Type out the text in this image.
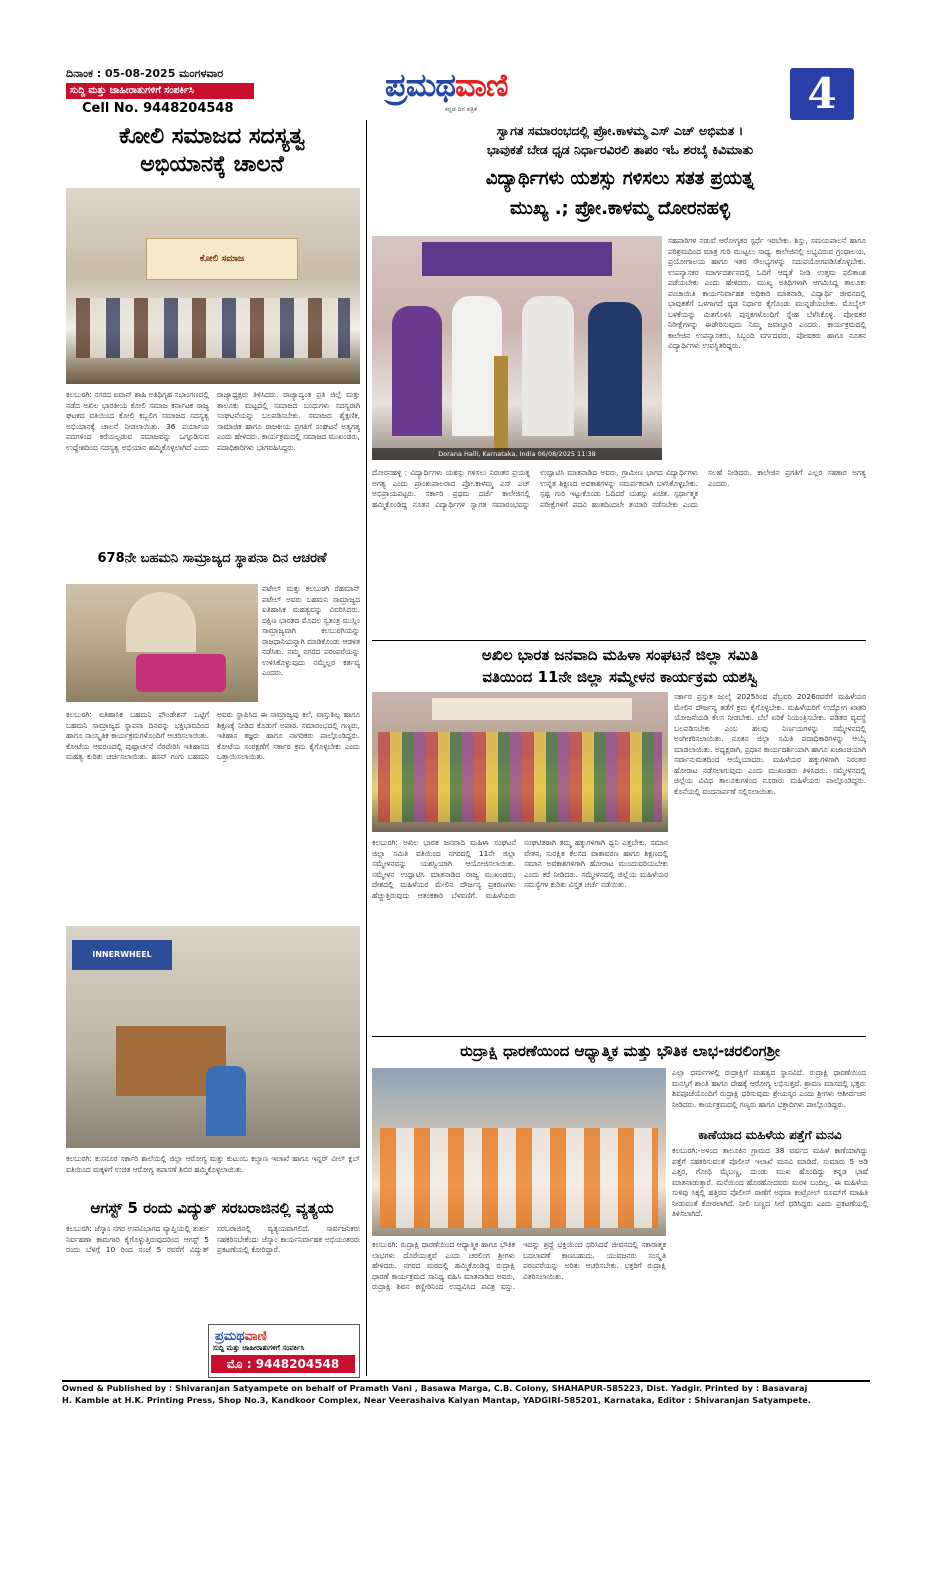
ದಿನಾಂಕ : 05-08-2025 ಮಂಗಳವಾರ
ಸುದ್ದಿ ಮತ್ತು ಜಾಹೀರಾತುಗಳಿಗೆ ಸಂಪರ್ಕಿಸಿ
Cell No. 9448204548
ಪ್ರಮಥವಾಣಿ
ಕನ್ನಡ ದಿನ ಪತ್ರಿಕೆ	4
ಕೋಲಿ ಸಮಾಜದ ಸದಸ್ಯತ್ವ
ಅಭಿಯಾನಕ್ಕೆ ಚಾಲನೆ
ಕೋಲಿ ಸಮಾಜ
ಕಲಬುರಗಿ: ನಗರದ ಐವಾನ್ ಶಾಹಿ ಅತಿಥಿಗೃಹ ಸಭಾಂಗಣದಲ್ಲಿ ನಡೆದ ಅಖಿಲ ಭಾರತೀಯ ಕೋಲಿ ಸಮಾಜ ಕರ್ನಾಟಕ ರಾಜ್ಯ ಘಟಕದ ವತಿಯಿಂದ ಕೋಲಿ ಕಬ್ಬಲಿಗ ಸಮಾಜದ ಸದಸ್ಯತ್ವ ಅಭಿಯಾನಕ್ಕೆ ಚಾಲನೆ ನೀಡಲಾಯಿತು. 36 ಪರ್ಯಾಯ ಪದಗಳಿಂದ ಕರೆಯಲ್ಪಡುವ ಸಮಾಜವನ್ನು ಒಗ್ಗೂಡಿಸುವ ಉದ್ದೇಶದಿಂದ ಸದಸ್ಯತ್ವ ಅಭಿಯಾನ ಹಮ್ಮಿಕೊಳ್ಳಲಾಗಿದೆ ಎಂದು ರಾಜ್ಯಾಧ್ಯಕ್ಷರು ತಿಳಿಸಿದರು. ರಾಜ್ಯಾದ್ಯಂತ ಪ್ರತಿ ಜಿಲ್ಲೆ ಮತ್ತು ತಾಲೂಕು ಮಟ್ಟದಲ್ಲಿ ಸಮಾಜದ ಬಂಧುಗಳು ಸದಸ್ಯರಾಗಿ ಸಂಘಟನೆಯನ್ನು ಬಲಪಡಿಸಬೇಕು. ಸಮಾಜದ ಶೈಕ್ಷಣಿಕ, ಸಾಮಾಜಿಕ ಹಾಗೂ ರಾಜಕೀಯ ಪ್ರಗತಿಗೆ ಸಂಘಟನೆ ಅತ್ಯಗತ್ಯ ಎಂದು ಹೇಳಿದರು. ಕಾರ್ಯಕ್ರಮದಲ್ಲಿ ಸಮಾಜದ ಮುಖಂಡರು, ಪದಾಧಿಕಾರಿಗಳು ಭಾಗವಹಿಸಿದ್ದರು.
678ನೇ ಬಹಮನಿ ಸಾಮ್ರಾಜ್ಯದ ಸ್ಥಾಪನಾ ದಿನ ಆಚರಣೆ
ಪಟೇಲ್ ಮತ್ತು ಕಲಬುರಗಿ ರೆಹಮಾನ್ ಪಟೇಲ್ ಅವರು ಬಹಮನಿ ಸಾಮ್ರಾಜ್ಯದ ಐತಿಹಾಸಿಕ ಮಹತ್ವವನ್ನು ವಿವರಿಸಿದರು. ದಕ್ಷಿಣ ಭಾರತದ ಮೊದಲ ಸ್ವತಂತ್ರ ಮುಸ್ಲಿಂ ಸಾಮ್ರಾಜ್ಯವಾಗಿ ಕಲಬುರಗಿಯನ್ನು ರಾಜಧಾನಿಯನ್ನಾಗಿ ಮಾಡಿಕೊಂಡು ಆಡಳಿತ ನಡೆಸಿತು. ನಮ್ಮ ನಗರದ ಪರಂಪರೆಯನ್ನು ಉಳಿಸಿಕೊಳ್ಳುವುದು ನಮ್ಮೆಲ್ಲರ ಕರ್ತವ್ಯ ಎಂದರು.
ಕಲಬುರಗಿ: ಐತಿಹಾಸಿಕ ಬಹಮನಿ ಫೌಂಡೇಶನ್ ಒಟ್ಟಿಗೆ ಬಹಮನಿ ಸಾಮ್ರಾಜ್ಯದ ಸ್ಥಾಪನಾ ದಿನವನ್ನು ಭಕ್ತಿಭಾವದಿಂದ ಹಾಗೂ ಸಾಂಸ್ಕೃತಿಕ ಕಾರ್ಯಕ್ರಮಗಳೊಂದಿಗೆ ಆಚರಿಸಲಾಯಿತು. ಕೋಟೆಯ ಆವರಣದಲ್ಲಿ ಪುಷ್ಪಾರ್ಚನೆ ನೆರವೇರಿಸಿ ಇತಿಹಾಸದ ಮಹತ್ವ ಕುರಿತು ಚರ್ಚಿಸಲಾಯಿತು. ಹಸನ್ ಗಂಗು ಬಹಮನಿ ಅವರು ಸ್ಥಾಪಿಸಿದ ಈ ಸಾಮ್ರಾಜ್ಯವು ಕಲೆ, ವಾಸ್ತುಶಿಲ್ಪ ಹಾಗೂ ಶಿಕ್ಷಣಕ್ಕೆ ನೀಡಿದ ಕೊಡುಗೆ ಅಪಾರ. ಸಮಾರಂಭದಲ್ಲಿ ಗಣ್ಯರು, ಇತಿಹಾಸ ತಜ್ಞರು ಹಾಗೂ ನಾಗರಿಕರು ಪಾಲ್ಗೊಂಡಿದ್ದರು. ಕೋಟೆಯ ಸಂರಕ್ಷಣೆಗೆ ಸರ್ಕಾರ ಕ್ರಮ ಕೈಗೊಳ್ಳಬೇಕು ಎಂದು ಒತ್ತಾಯಿಸಲಾಯಿತು.
INNERWHEEL
ಕಲಬುರಗಿ: ಕುಸನೂರ ಸರ್ಕಾರಿ ಶಾಲೆಯಲ್ಲಿ ಜಿಲ್ಲಾ ಆರೋಗ್ಯ ಮತ್ತು ಕುಟುಂಬ ಕಲ್ಯಾಣ ಇಲಾಖೆ ಹಾಗೂ ಇನ್ನರ್ ವೀಲ್ ಕ್ಲಬ್ ವತಿಯಿಂದ ಮಕ್ಕಳಿಗೆ ಉಚಿತ ಆರೋಗ್ಯ ತಪಾಸಣೆ ಶಿಬಿರ ಹಮ್ಮಿಕೊಳ್ಳಲಾಯಿತು.
ಆಗಸ್ಟ್ 5 ರಂದು ವಿದ್ಯುತ್ ಸರಬರಾಜಿನಲ್ಲಿ ವ್ಯತ್ಯಯ
ಕಲಬುರಗಿ: ಜೆಸ್ಕಾಂ ನಗರ ಉಪವಿಭಾಗದ ವ್ಯಾಪ್ತಿಯಲ್ಲಿ ತುರ್ತು ನಿರ್ವಹಣಾ ಕಾಮಗಾರಿ ಕೈಗೊಳ್ಳುತ್ತಿರುವುದರಿಂದ ಆಗಸ್ಟ್ 5 ರಂದು ಬೆಳಿಗ್ಗೆ 10 ರಿಂದ ಸಂಜೆ 5 ರವರೆಗೆ ವಿದ್ಯುತ್ ಸರಬರಾಜಿನಲ್ಲಿ ವ್ಯತ್ಯಯವಾಗಲಿದೆ. ಸಾರ್ವಜನಿಕರು ಸಹಕರಿಸಬೇಕೆಂದು ಜೆಸ್ಕಾಂ ಕಾರ್ಯನಿರ್ವಾಹಕ ಅಭಿಯಂತರರು ಪ್ರಕಟಣೆಯಲ್ಲಿ ಕೋರಿದ್ದಾರೆ.
ಪ್ರಮಥವಾಣಿ
ಸುದ್ದಿ ಮತ್ತು ಜಾಹೀರಾತುಗಳಿಗೆ ಸಂಪರ್ಕಿಸಿ
ಮೊ : 9448204548
ಸ್ವಾಗತ ಸಮಾರಂಭದಲ್ಲಿ ಪ್ರೋ.ಕಾಳಮ್ಮ ಎಸ್ ಎಚ್ ಅಭಿಮತ ।
ಭಾವುಕತೆ ಬೇಡ ಧೃಡ ನಿರ್ಧಾರವಿರಲಿ ತಾಪಂ ಇಓ ಶರಬೈ ಕಿವಿಮಾತು
ವಿದ್ಯಾರ್ಥಿಗಳು ಯಶಸ್ಸು ಗಳಿಸಲು ಸತತ ಪ್ರಯತ್ನ
ಮುಖ್ಯ .; ಪ್ರೋ.ಕಾಳಮ್ಮ ದೋರನಹಳ್ಳಿ
Dorana Halli, Karnataka, India 06/08/2025 11:38
ಸಹಪಾಠಿಗಳ ನಡುವೆ ಆರೋಗ್ಯಕರ ಸ್ಪರ್ಧೆ ಇರಬೇಕು. ಶಿಸ್ತು, ಸಮಯಪಾಲನೆ ಹಾಗೂ ಪರಿಶ್ರಮದಿಂದ ಮಾತ್ರ ಗುರಿ ಮುಟ್ಟಲು ಸಾಧ್ಯ. ಕಾಲೇಜಿನಲ್ಲಿ ಲಭ್ಯವಿರುವ ಗ್ರಂಥಾಲಯ, ಪ್ರಯೋಗಾಲಯ ಹಾಗೂ ಇತರ ಸೌಲಭ್ಯಗಳನ್ನು ಸದುಪಯೋಗಪಡಿಸಿಕೊಳ್ಳಬೇಕು. ಉಪನ್ಯಾಸಕರ ಮಾರ್ಗದರ್ಶನದಲ್ಲಿ ಓದಿಗೆ ಆದ್ಯತೆ ನೀಡಿ ಉತ್ತಮ ಫಲಿತಾಂಶ ಪಡೆಯಬೇಕು ಎಂದು ಹೇಳಿದರು. ಮುಖ್ಯ ಅತಿಥಿಗಳಾಗಿ ಆಗಮಿಸಿದ್ದ ತಾಲೂಕು ಪಂಚಾಯಿತಿ ಕಾರ್ಯನಿರ್ವಾಹಕ ಅಧಿಕಾರಿ ಮಾತನಾಡಿ, ವಿದ್ಯಾರ್ಥಿ ಜೀವನದಲ್ಲಿ ಭಾವುಕತೆಗೆ ಒಳಗಾಗದೆ ಧೃಡ ನಿರ್ಧಾರ ಕೈಗೊಂಡು ಮುನ್ನಡೆಯಬೇಕು. ಮೊಬೈಲ್ ಬಳಕೆಯನ್ನು ಮಿತಗೊಳಿಸಿ ಪುಸ್ತಕಗಳೊಂದಿಗೆ ಸ್ನೇಹ ಬೆಳೆಸಿಕೊಳ್ಳಿ. ಪೋಷಕರ ನಿರೀಕ್ಷೆಗಳನ್ನು ಈಡೇರಿಸುವುದು ನಿಮ್ಮ ಜವಾಬ್ದಾರಿ ಎಂದರು. ಕಾರ್ಯಕ್ರಮದಲ್ಲಿ ಕಾಲೇಜಿನ ಉಪನ್ಯಾಸಕರು, ಸಿಬ್ಬಂದಿ ವರ್ಗದವರು, ಪೋಷಕರು ಹಾಗೂ ನೂತನ ವಿದ್ಯಾರ್ಥಿಗಳು ಉಪಸ್ಥಿತರಿದ್ದರು.
ದೋರನಹಳ್ಳಿ : ವಿದ್ಯಾರ್ಥಿಗಳು ಯಶಸ್ಸು ಗಳಿಸಲು ನಿರಂತರ ಪ್ರಯತ್ನ ಅಗತ್ಯ ಎಂದು ಪ್ರಾಂಶುಪಾಲರಾದ ಪ್ರೋ.ಕಾಳಮ್ಮ ಎಸ್ ಎಚ್ ಅಭಿಪ್ರಾಯಪಟ್ಟರು. ಸರ್ಕಾರಿ ಪ್ರಥಮ ದರ್ಜೆ ಕಾಲೇಜಿನಲ್ಲಿ ಹಮ್ಮಿಕೊಂಡಿದ್ದ ನೂತನ ವಿದ್ಯಾರ್ಥಿಗಳ ಸ್ವಾಗತ ಸಮಾರಂಭವನ್ನು ಉದ್ಘಾಟಿಸಿ ಮಾತನಾಡಿದ ಅವರು, ಗ್ರಾಮೀಣ ಭಾಗದ ವಿದ್ಯಾರ್ಥಿಗಳು ಉನ್ನತ ಶಿಕ್ಷಣದ ಅವಕಾಶಗಳನ್ನು ಸಮರ್ಪಕವಾಗಿ ಬಳಸಿಕೊಳ್ಳಬೇಕು. ಸ್ಪಷ್ಟ ಗುರಿ ಇಟ್ಟುಕೊಂಡು ಓದಿದರೆ ಯಶಸ್ಸು ಖಚಿತ. ಸ್ಪರ್ಧಾತ್ಮಕ ಪರೀಕ್ಷೆಗಳಿಗೆ ಪದವಿ ಹಂತದಿಂದಲೇ ತಯಾರಿ ನಡೆಸಬೇಕು ಎಂದು ಸಲಹೆ ನೀಡಿದರು. ಕಾಲೇಜಿನ ಪ್ರಗತಿಗೆ ಎಲ್ಲರ ಸಹಕಾರ ಅಗತ್ಯ ಎಂದರು.
ಅಖಿಲ ಭಾರತ ಜನವಾದಿ ಮಹಿಳಾ ಸಂಘಟನೆ ಜಿಲ್ಲಾ ಸಮಿತಿ
ವತಿಯಿಂದ 11ನೇ ಜಿಲ್ಲಾ ಸಮ್ಮೇಳನ ಕಾರ್ಯಕ್ರಮ ಯಶಸ್ವಿ
ಸರ್ಕಾರ ಪ್ರಸ್ತುತ ಜುಲೈ 2025ರಿಂದ ಫೆಬ್ರವರಿ 2026ರವರೆಗೆ ಮಹಿಳೆಯರ ಮೇಲಿನ ದೌರ್ಜನ್ಯ ತಡೆಗೆ ಕ್ರಮ ಕೈಗೊಳ್ಳಬೇಕು. ಮಹಿಳೆಯರಿಗೆ ಉದ್ಯೋಗ ಖಾತರಿ ಯೋಜನೆಯಡಿ ಕೆಲಸ ನೀಡಬೇಕು. ಬೆಲೆ ಏರಿಕೆ ನಿಯಂತ್ರಿಸಬೇಕು. ಪಡಿತರ ವ್ಯವಸ್ಥೆ ಬಲಪಡಿಸಬೇಕು ಎಂಬ ಹಲವು ನಿರ್ಣಯಗಳನ್ನು ಸಮ್ಮೇಳನದಲ್ಲಿ ಅಂಗೀಕರಿಸಲಾಯಿತು. ನೂತನ ಜಿಲ್ಲಾ ಸಮಿತಿ ಪದಾಧಿಕಾರಿಗಳನ್ನು ಆಯ್ಕೆ ಮಾಡಲಾಯಿತು. ಅಧ್ಯಕ್ಷರಾಗಿ, ಪ್ರಧಾನ ಕಾರ್ಯದರ್ಶಿಯಾಗಿ ಹಾಗೂ ಖಜಾಂಚಿಯಾಗಿ ಸರ್ವಾನುಮತದಿಂದ ಆಯ್ಕೆಯಾದರು. ಮಹಿಳೆಯರ ಹಕ್ಕುಗಳಿಗಾಗಿ ನಿರಂತರ ಹೋರಾಟ ನಡೆಸಲಾಗುವುದು ಎಂದು ಮುಖಂಡರು ತಿಳಿಸಿದರು. ಸಮ್ಮೇಳನದಲ್ಲಿ ಜಿಲ್ಲೆಯ ವಿವಿಧ ತಾಲೂಕುಗಳಿಂದ ನೂರಾರು ಮಹಿಳೆಯರು ಪಾಲ್ಗೊಂಡಿದ್ದರು. ಕೊನೆಯಲ್ಲಿ ವಂದನಾರ್ಪಣೆ ಸಲ್ಲಿಸಲಾಯಿತು.
ಕಲಬುರಗಿ: ಅಖಿಲ ಭಾರತ ಜನವಾದಿ ಮಹಿಳಾ ಸಂಘಟನೆ ಜಿಲ್ಲಾ ಸಮಿತಿ ವತಿಯಿಂದ ನಗರದಲ್ಲಿ 11ನೇ ಜಿಲ್ಲಾ ಸಮ್ಮೇಳನವನ್ನು ಯಶಸ್ವಿಯಾಗಿ ಆಯೋಜಿಸಲಾಯಿತು. ಸಮ್ಮೇಳನ ಉದ್ಘಾಟಿಸಿ ಮಾತನಾಡಿದ ರಾಜ್ಯ ಮುಖಂಡರು, ದೇಶದಲ್ಲಿ ಮಹಿಳೆಯರ ಮೇಲಿನ ದೌರ್ಜನ್ಯ ಪ್ರಕರಣಗಳು ಹೆಚ್ಚುತ್ತಿರುವುದು ಆತಂಕಕಾರಿ ಬೆಳವಣಿಗೆ. ಮಹಿಳೆಯರು ಸಂಘಟಿತರಾಗಿ ತಮ್ಮ ಹಕ್ಕುಗಳಿಗಾಗಿ ಧ್ವನಿ ಎತ್ತಬೇಕು. ಸಮಾನ ವೇತನ, ಸುರಕ್ಷಿತ ಕೆಲಸದ ವಾತಾವರಣ ಹಾಗೂ ಶಿಕ್ಷಣದಲ್ಲಿ ಸಮಾನ ಅವಕಾಶಗಳಿಗಾಗಿ ಹೋರಾಟ ಮುಂದುವರಿಯಬೇಕು ಎಂದು ಕರೆ ನೀಡಿದರು. ಸಮ್ಮೇಳನದಲ್ಲಿ ಜಿಲ್ಲೆಯ ಮಹಿಳೆಯರ ಸಮಸ್ಯೆಗಳ ಕುರಿತು ವಿಸ್ತೃತ ಚರ್ಚೆ ನಡೆಯಿತು.
ರುದ್ರಾಕ್ಷಿ ಧಾರಣೆಯಿಂದ ಆಧ್ಯಾತ್ಮಿಕ ಮತ್ತು ಭೌತಿಕ ಲಾಭ-ಚರಲಿಂಗಶ್ರೀ
ಎಲ್ಲಾ ಧರ್ಮಗಳಲ್ಲಿ ರುದ್ರಾಕ್ಷಿಗೆ ಮಹತ್ವದ ಸ್ಥಾನವಿದೆ. ರುದ್ರಾಕ್ಷಿ ಧಾರಣೆಯಿಂದ ಮನಸ್ಸಿಗೆ ಶಾಂತಿ ಹಾಗೂ ದೇಹಕ್ಕೆ ಆರೋಗ್ಯ ಲಭಿಸುತ್ತದೆ. ಶ್ರಾವಣ ಮಾಸದಲ್ಲಿ ಭಕ್ತರು ಶಿವಪೂಜೆಯೊಂದಿಗೆ ರುದ್ರಾಕ್ಷಿ ಧರಿಸುವುದು ಶ್ರೇಯಸ್ಕರ ಎಂದು ಶ್ರೀಗಳು ಆಶೀರ್ವಚನ ನೀಡಿದರು. ಕಾರ್ಯಕ್ರಮದಲ್ಲಿ ಗಣ್ಯರು ಹಾಗೂ ಭಕ್ತಾದಿಗಳು ಪಾಲ್ಗೊಂಡಿದ್ದರು.
ಕಾಣೆಯಾದ ಮಹಿಳೆಯ ಪತ್ತೆಗೆ ಮನವಿ
ಕಲಬುರಗಿ:-ಅಳಂದ ತಾಲೂಕಿನ ಗ್ರಾಮದ 38 ವರ್ಷದ ಮಹಿಳೆ ಕಾಣೆಯಾಗಿದ್ದು ಪತ್ತೆಗೆ ಸಹಕರಿಸುವಂತೆ ಪೊಲೀಸ್ ಇಲಾಖೆ ಮನವಿ ಮಾಡಿದೆ. ಸುಮಾರು 5 ಅಡಿ ಎತ್ತರ, ಗೋಧಿ ಮೈಬಣ್ಣ, ದುಂಡು ಮುಖ ಹೊಂದಿದ್ದು ಕನ್ನಡ ಭಾಷೆ ಮಾತನಾಡುತ್ತಾರೆ. ಮನೆಯಿಂದ ಹೊರಹೋದವರು ಮರಳಿ ಬಂದಿಲ್ಲ. ಈ ಮಹಿಳೆಯ ಸುಳಿವು ಸಿಕ್ಕಲ್ಲಿ ಹತ್ತಿರದ ಪೊಲೀಸ್ ಠಾಣೆಗೆ ಅಥವಾ ಕಂಟ್ರೋಲ್ ರೂಮ್‌ಗೆ ಮಾಹಿತಿ ನೀಡುವಂತೆ ಕೋರಲಾಗಿದೆ. ನೀಲಿ ಬಣ್ಣದ ಸೀರೆ ಧರಿಸಿದ್ದರು ಎಂದು ಪ್ರಕಟಣೆಯಲ್ಲಿ ತಿಳಿಸಲಾಗಿದೆ.
ಕಲಬುರಗಿ: ರುದ್ರಾಕ್ಷಿ ಧಾರಣೆಯಿಂದ ಆಧ್ಯಾತ್ಮಿಕ ಹಾಗೂ ಭೌತಿಕ ಲಾಭಗಳು ದೊರೆಯುತ್ತವೆ ಎಂದು ಚರಲಿಂಗ ಶ್ರೀಗಳು ಹೇಳಿದರು. ನಗರದ ಮಠದಲ್ಲಿ ಹಮ್ಮಿಕೊಂಡಿದ್ದ ರುದ್ರಾಕ್ಷಿ ಧಾರಣೆ ಕಾರ್ಯಕ್ರಮದ ಸಾನಿಧ್ಯ ವಹಿಸಿ ಮಾತನಾಡಿದ ಅವರು, ರುದ್ರಾಕ್ಷಿ ಶಿವನ ಕಣ್ಣೀರಿನಿಂದ ಉದ್ಭವಿಸಿದ ಪವಿತ್ರ ವಸ್ತು. ಇದನ್ನು ಶ್ರದ್ಧೆ ಭಕ್ತಿಯಿಂದ ಧರಿಸಿದರೆ ಜೀವನದಲ್ಲಿ ಸಕಾರಾತ್ಮಕ ಬದಲಾವಣೆ ಕಾಣಬಹುದು. ಯುವಜನರು ಸಂಸ್ಕೃತಿ ಪರಂಪರೆಯನ್ನು ಅರಿತು ಆಚರಿಸಬೇಕು. ಭಕ್ತರಿಗೆ ರುದ್ರಾಕ್ಷಿ ವಿತರಿಸಲಾಯಿತು.
Owned & Published by : Shivaranjan Satyampete on behalf of Pramath Vani , Basawa Marga, C.B. Colony, SHAHAPUR-585223, Dist. Yadgir. Printed by : Basavaraj
H. Kamble at H.K. Printing Press, Shop No.3, Kandkoor Complex, Near Veerashaiva Kalyan Mantap, YADGIRI-585201, Karnataka, Editor : Shivaranjan Satyampete.
